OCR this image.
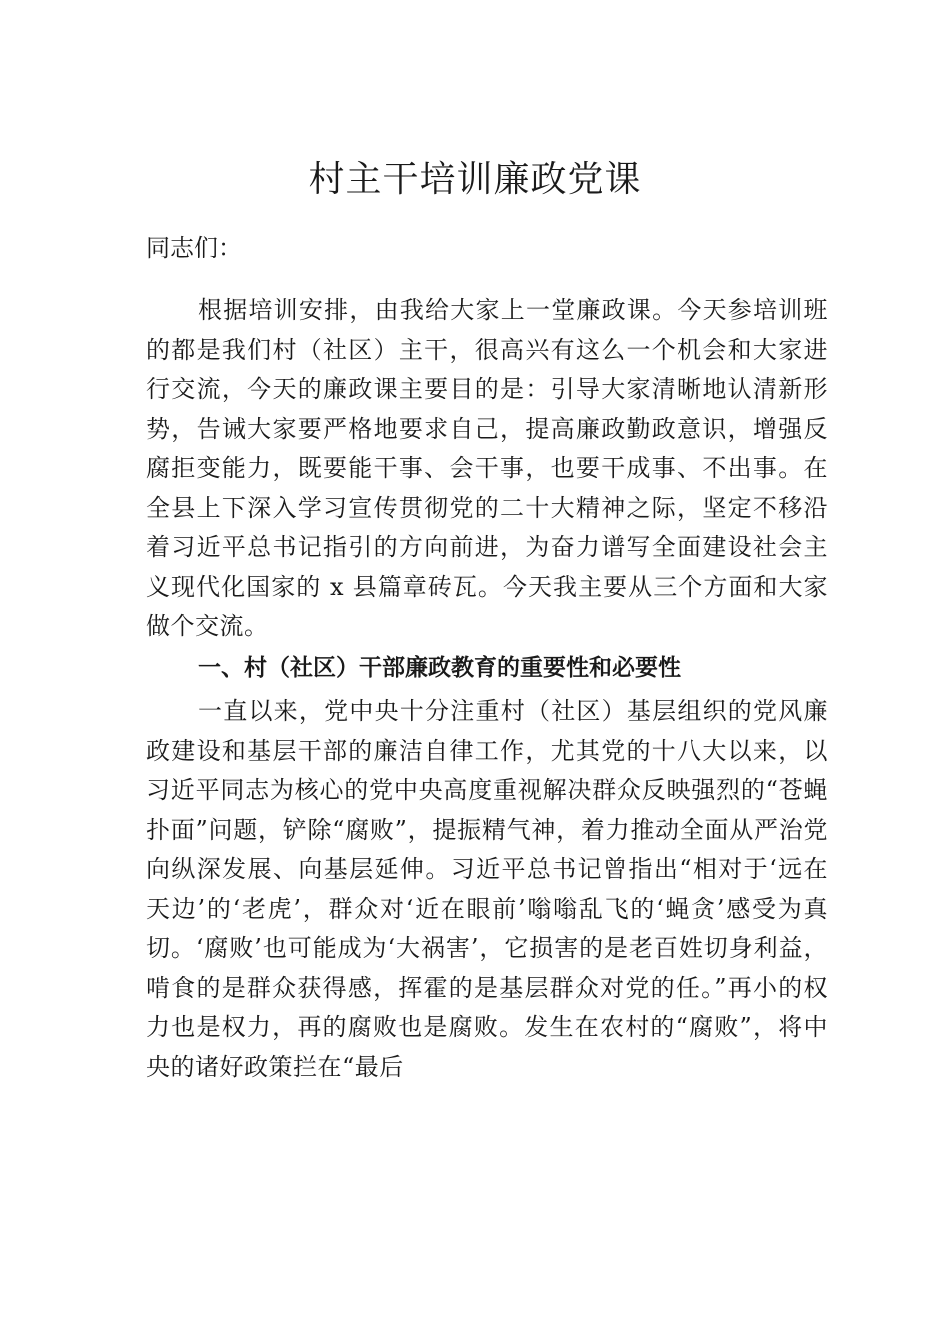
村主干培训廉政党课

同志们：

根据培训安排，由我给大家上一堂廉政课。今天参培训班的都是我们村（社区）主干，很高兴有这么一个机会和大家进行交流，今天的廉政课主要目的是：引导大家清晰地认清新形势，告诫大家要严格地要求自己，提高廉政勤政意识，增强反腐拒变能力，既要能干事、会干事，也要干成事、不出事。在全县上下深入学习宣传贯彻党的二十大精神之际，坚定不移沿着习近平总书记指引的方向前进，为奋力谱写全面建设社会主义现代化国家的 x 县篇章砖瓦。今天我主要从三个方面和大家做个交流。

一、村（社区）干部廉政教育的重要性和必要性

一直以来，党中央十分注重村（社区）基层组织的党风廉政建设和基层干部的廉洁自律工作，尤其党的十八大以来，以习近平同志为核心的党中央高度重视解决群众反映强烈的“苍蝇扑面”问题，铲除“腐败”，提振精气神，着力推动全面从严治党向纵深发展、向基层延伸。习近平总书记曾指出“相对于‘远在天边’的‘老虎’，群众对‘近在眼前’嗡嗡乱飞的‘蝇贪’感受为真切。‘腐败’也可能成为‘大祸害’，它损害的是老百姓切身利益，啃食的是群众获得感，挥霍的是基层群众对党的任。”再小的权力也是权力，再的腐败也是腐败。发生在农村的“腐败”，将中央的诸好政策拦在“最后
